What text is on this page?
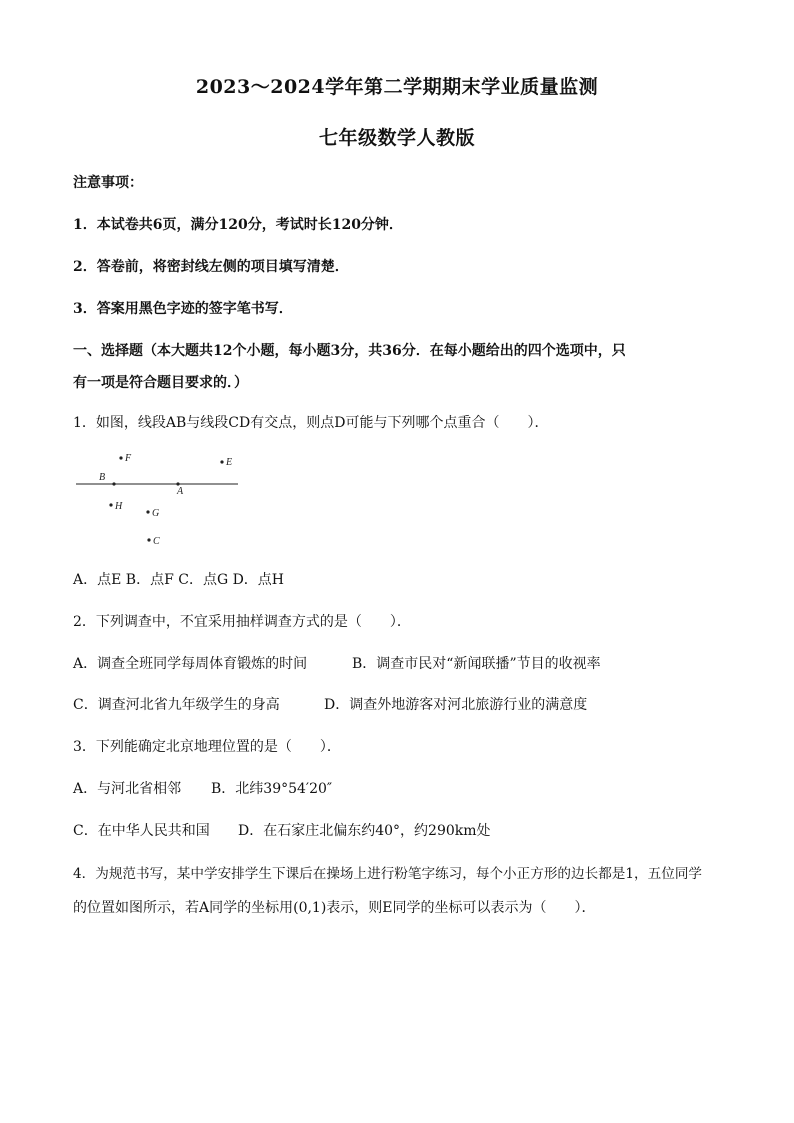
2023～2024学年第二学期期末学业质量监测
七年级数学人教版
注意事项：
1．本试卷共6页，满分120分，考试时长120分钟．
2．答卷前，将密封线左侧的项目填写清楚．
3．答案用黑色字迹的签字笔书写．
一、选择题（本大题共12个小题，每小题3分，共36分．在每小题给出的四个选项中，只
有一项是符合题目要求的．）
1．如图，线段AB与线段CD有交点，则点D可能与下列哪个点重合（　　）．
F	E
B
A
H
G
C
A．点E B．点F C．点G D．点H
2．下列调查中，不宜采用抽样调查方式的是（　　）．
A．调查全班同学每周体育锻炼的时间	B．调查市民对“新闻联播”节目的收视率
C．调查河北省九年级学生的身高	D．调查外地游客对河北旅游行业的满意度
3．下列能确定北京地理位置的是（　　）．
A．与河北省相邻 B．北纬39°54′20″
C．在中华人民共和国 D．在石家庄北偏东约40°，约290km处
4．为规范书写，某中学安排学生下课后在操场上进行粉笔字练习，每个小正方形的边长都是1，五位同学
的位置如图所示，若A同学的坐标用(0,1)表示，则E同学的坐标可以表示为（　　）．
